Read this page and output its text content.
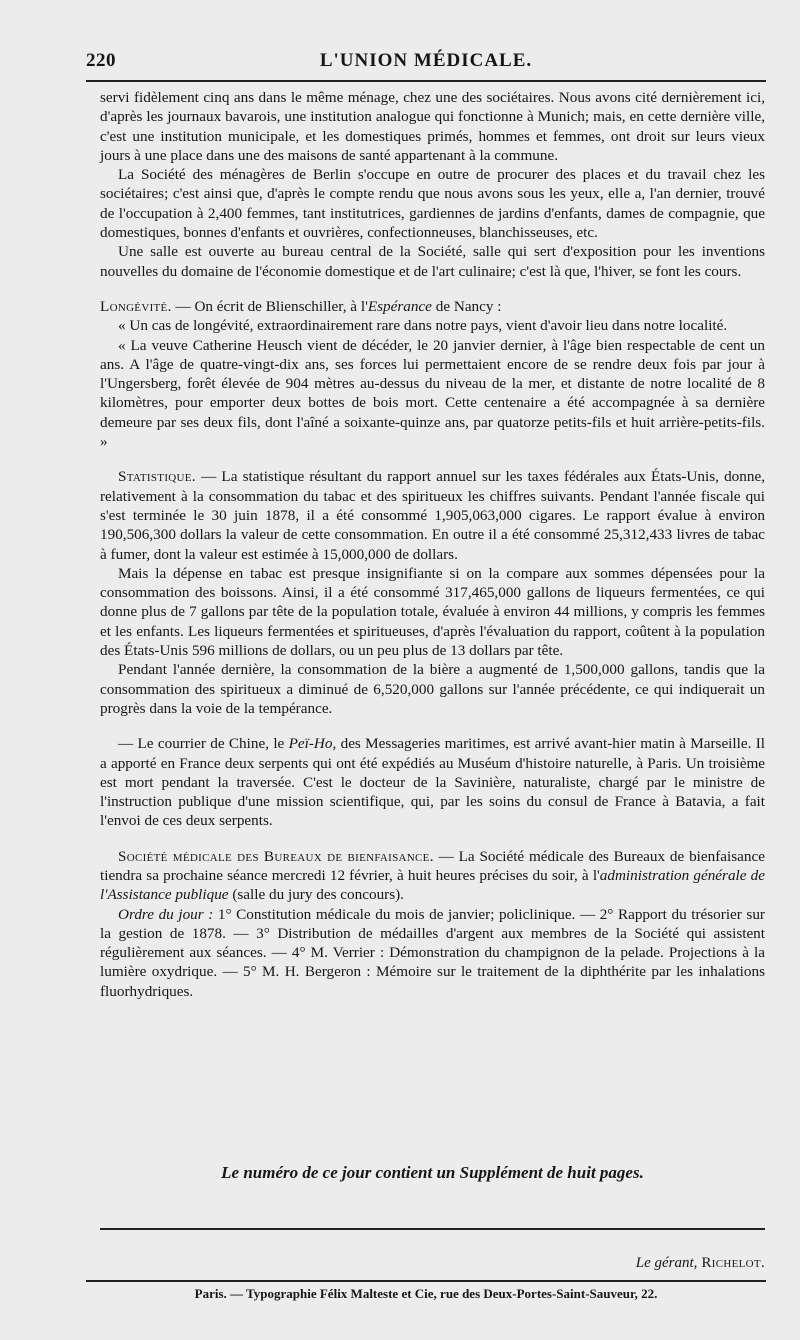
220	L'UNION MÉDICALE.

servi fidèlement cinq ans dans le même ménage, chez une des sociétaires. Nous avons cité dernièrement ici, d'après les journaux bavarois, une institution analogue qui fonctionne à Munich; mais, en cette dernière ville, c'est une institution municipale, et les domestiques primés, hommes et femmes, ont droit sur leurs vieux jours à une place dans une des maisons de santé appartenant à la commune.

La Société des ménagères de Berlin s'occupe en outre de procurer des places et du travail chez les sociétaires; c'est ainsi que, d'après le compte rendu que nous avons sous les yeux, elle a, l'an dernier, trouvé de l'occupation à 2,400 femmes, tant institutrices, gardiennes de jardins d'enfants, dames de compagnie, que domestiques, bonnes d'enfants et ouvrières, confectionneuses, blanchisseuses, etc.

Une salle est ouverte au bureau central de la Société, salle qui sert d'exposition pour les inventions nouvelles du domaine de l'économie domestique et de l'art culinaire; c'est là que, l'hiver, se font les cours.

Longévité. — On écrit de Blienschiller, à l'Espérance de Nancy :

« Un cas de longévité, extraordinairement rare dans notre pays, vient d'avoir lieu dans notre localité.

« La veuve Catherine Heusch vient de décéder, le 20 janvier dernier, à l'âge bien respectable de cent un ans. A l'âge de quatre-vingt-dix ans, ses forces lui permettaient encore de se rendre deux fois par jour à l'Ungersberg, forêt élevée de 904 mètres au-dessus du niveau de la mer, et distante de notre localité de 8 kilomètres, pour emporter deux bottes de bois mort. Cette centenaire a été accompagnée à sa dernière demeure par ses deux fils, dont l'aîné a soixante-quinze ans, par quatorze petits-fils et huit arrière-petits-fils. »

Statistique. — La statistique résultant du rapport annuel sur les taxes fédérales aux États-Unis, donne, relativement à la consommation du tabac et des spiritueux les chiffres suivants. Pendant l'année fiscale qui s'est terminée le 30 juin 1878, il a été consommé 1,905,063,000 cigares. Le rapport évalue à environ 190,506,300 dollars la valeur de cette consommation. En outre il a été consommé 25,312,433 livres de tabac à fumer, dont la valeur est estimée à 15,000,000 de dollars.

Mais la dépense en tabac est presque insignifiante si on la compare aux sommes dépensées pour la consommation des boissons. Ainsi, il a été consommé 317,465,000 gallons de liqueurs fermentées, ce qui donne plus de 7 gallons par tête de la population totale, évaluée à environ 44 millions, y compris les femmes et les enfants. Les liqueurs fermentées et spiritueuses, d'après l'évaluation du rapport, coûtent à la population des États-Unis 596 millions de dollars, ou un peu plus de 13 dollars par tête.

Pendant l'année dernière, la consommation de la bière a augmenté de 1,500,000 gallons, tandis que la consommation des spiritueux a diminué de 6,520,000 gallons sur l'année précédente, ce qui indiquerait un progrès dans la voie de la tempérance.

— Le courrier de Chine, le Peï-Ho, des Messageries maritimes, est arrivé avant-hier matin à Marseille. Il a apporté en France deux serpents qui ont été expédiés au Muséum d'histoire naturelle, à Paris. Un troisième est mort pendant la traversée. C'est le docteur de la Savinière, naturaliste, chargé par le ministre de l'instruction publique d'une mission scientifique, qui, par les soins du consul de France à Batavia, a fait l'envoi de ces deux serpents.

Société médicale des Bureaux de bienfaisance. — La Société médicale des Bureaux de bienfaisance tiendra sa prochaine séance mercredi 12 février, à huit heures précises du soir, à l'administration générale de l'Assistance publique (salle du jury des concours).

Ordre du jour : 1° Constitution médicale du mois de janvier; policlinique. — 2° Rapport du trésorier sur la gestion de 1878. — 3° Distribution de médailles d'argent aux membres de la Société qui assistent régulièrement aux séances. — 4° M. Verrier : Démonstration du champignon de la pelade. Projections à la lumière oxydrique. — 5° M. H. Bergeron : Mémoire sur le traitement de la diphthérite par les inhalations fluorhydriques.

Le numéro de ce jour contient un Supplément de huit pages.
Le gérant, Richelot.
Paris. — Typographie Félix Malteste et Cie, rue des Deux-Portes-Saint-Sauveur, 22.
